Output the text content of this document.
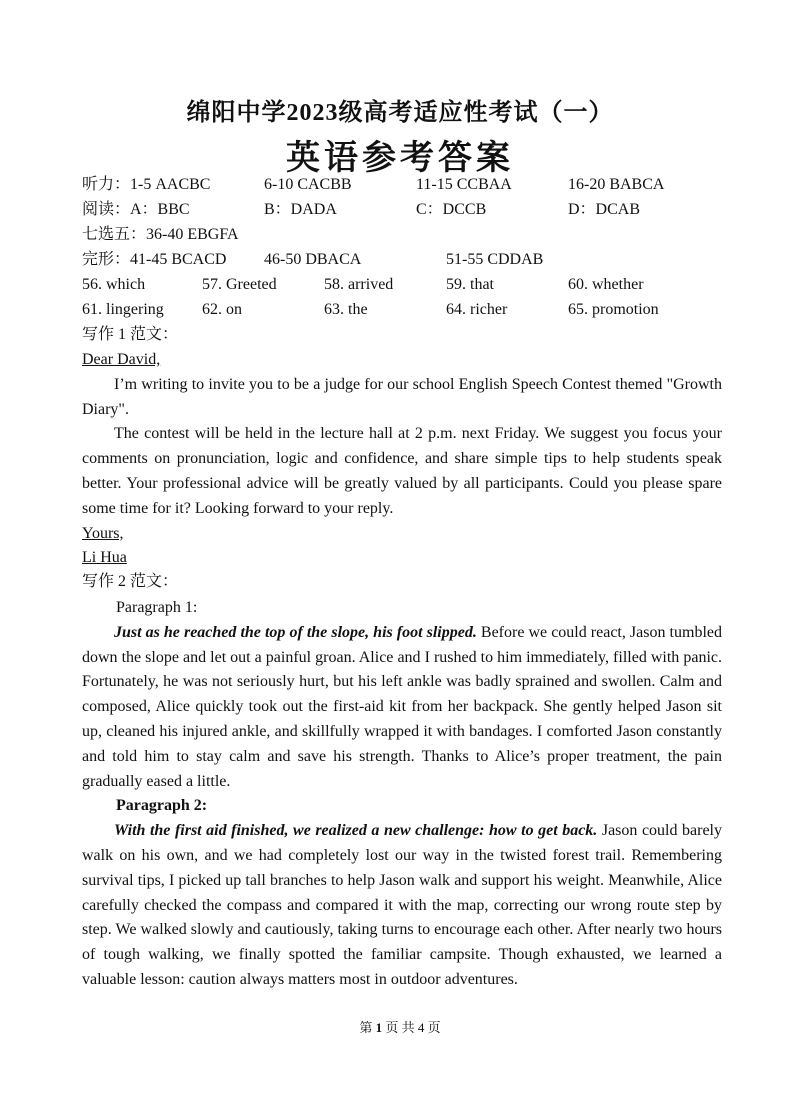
绵阳中学2023级高考适应性考试（一）
英语参考答案
听力：1-5 AACBC	6-10 CACBB	11-15 CCBAA	16-20 BABCA
阅读：A：BBC	B：DADA	C：DCCB	D：DCAB
七选五：36-40 EBGFA
完形：41-45 BCACD 46-50 DBACA	51-55 CDDAB
56. which	57. Greeted	58. arrived	59. that	60. whether
61. lingering 62. on	63. the	64. richer	65. promotion
写作 1 范文：

Dear David,

I’m writing to invite you to be a judge for our school English Speech Contest themed "Growth Diary".

The contest will be held in the lecture hall at 2 p.m. next Friday. We suggest you focus your comments on pronunciation, logic and confidence, and share simple tips to help students speak better. Your professional advice will be greatly valued by all participants. Could you please spare some time for it? Looking forward to your reply.

Yours,

Li Hua

写作 2 范文：

Paragraph 1:

Just as he reached the top of the slope, his foot slipped. Before we could react, Jason tumbled down the slope and let out a painful groan. Alice and I rushed to him immediately, filled with panic. Fortunately, he was not seriously hurt, but his left ankle was badly sprained and swollen. Calm and composed, Alice quickly took out the first-aid kit from her backpack. She gently helped Jason sit up, cleaned his injured ankle, and skillfully wrapped it with bandages. I comforted Jason constantly and told him to stay calm and save his strength. Thanks to Alice’s proper treatment, the pain gradually eased a little.

Paragraph 2:

With the first aid finished, we realized a new challenge: how to get back. Jason could barely walk on his own, and we had completely lost our way in the twisted forest trail. Remembering survival tips, I picked up tall branches to help Jason walk and support his weight. Meanwhile, Alice carefully checked the compass and compared it with the map, correcting our wrong route step by step. We walked slowly and cautiously, taking turns to encourage each other. After nearly two hours of tough walking, we finally spotted the familiar campsite. Though exhausted, we learned a valuable lesson: caution always matters most in outdoor adventures.

第 1 页 共 4 页
